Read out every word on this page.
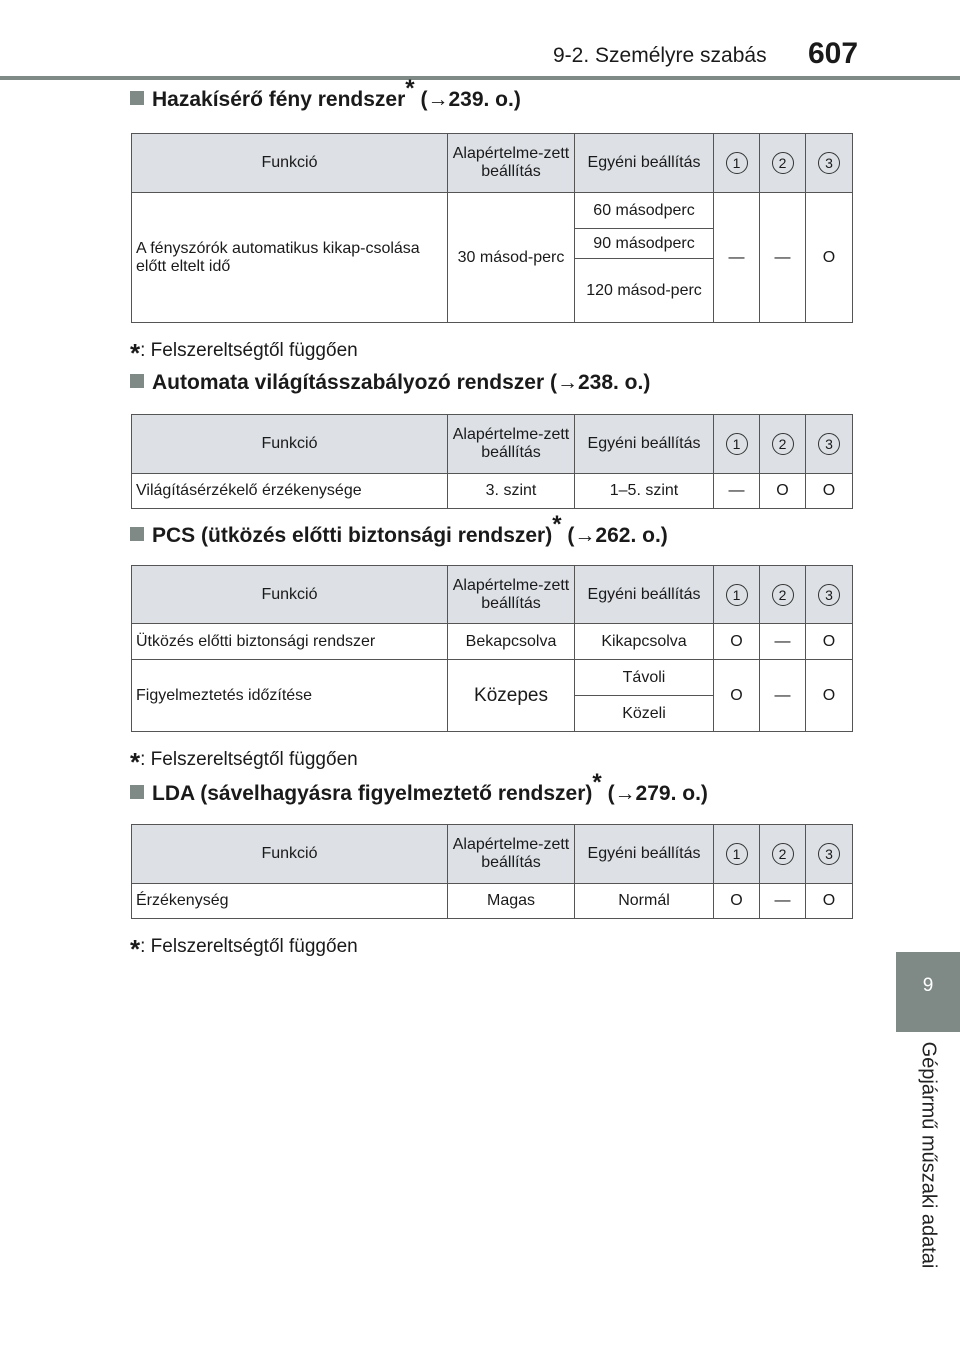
9-2. Személyre szabás 607
9
Gépjármű műszaki adatai
Hazakísérő fény rendszer* (→239. o.)
Funkció	Alapértelme-zett beállítás	Egyéni beállítás	1	2	3
A fényszórók automatikus kikap-csolása előtt eltelt idő	30 másod-perc	60 másodperc	—	—	O
		90 másodperc			
		120 másod-perc			
*: Felszereltségtől függően
Automata világításszabályozó rendszer (→238. o.)
Funkció	Alapértelme-zett beállítás	Egyéni beállítás	1	2	3
Világításérzékelő érzékenysége	3. szint	1–5. szint	—	O	O
PCS (ütközés előtti biztonsági rendszer)* (→262. o.)
Funkció	Alapértelme-zett beállítás	Egyéni beállítás	1	2	3
Ütközés előtti biztonsági rendszer	Bekapcsolva	Kikapcsolva	O	—	O
Figyelmeztetés időzítése	Közepes	Távoli	O	—	O
		Közeli			
*: Felszereltségtől függően
LDA (sávelhagyásra figyelmeztető rendszer)* (→279. o.)
Funkció	Alapértelme-zett beállítás	Egyéni beállítás	1	2	3
Érzékenység	Magas	Normál	O	—	O
*: Felszereltségtől függően
